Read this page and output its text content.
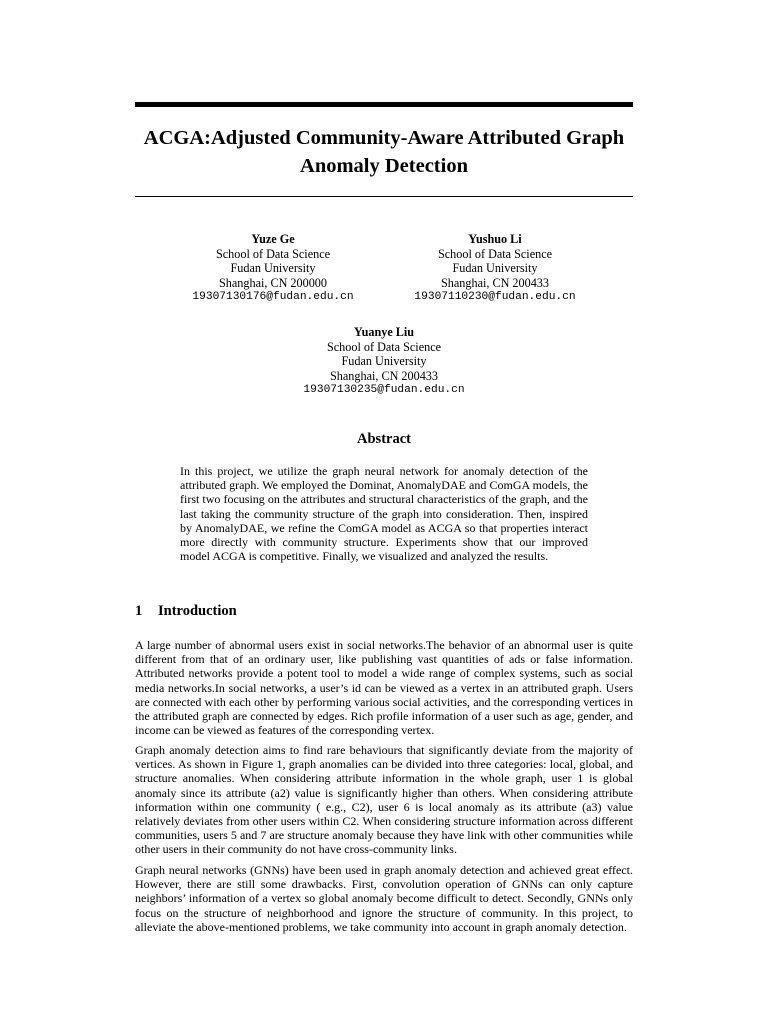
ACGA:Adjusted Community-Aware Attributed Graph Anomaly Detection
Yuze Ge
School of Data Science
Fudan University
Shanghai, CN 200000
19307130176@fudan.edu.cn
Yushuo Li
School of Data Science
Fudan University
Shanghai, CN 200433
19307110230@fudan.edu.cn
Yuanye Liu
School of Data Science
Fudan University
Shanghai, CN 200433
19307130235@fudan.edu.cn
Abstract
In this project, we utilize the graph neural network for anomaly detection of the attributed graph. We employed the Dominat, AnomalyDAE and ComGA models, the first two focusing on the attributes and structural characteristics of the graph, and the last taking the community structure of the graph into consideration. Then, inspired by AnomalyDAE, we refine the ComGA model as ACGA so that properties interact more directly with community structure. Experiments show that our improved model ACGA is competitive. Finally, we visualized and analyzed the results.
1 Introduction

A large number of abnormal users exist in social networks.The behavior of an abnormal user is quite different from that of an ordinary user, like publishing vast quantities of ads or false information. Attributed networks provide a potent tool to model a wide range of complex systems, such as social media networks.In social networks, a user’s id can be viewed as a vertex in an attributed graph. Users are connected with each other by performing various social activities, and the corresponding vertices in the attributed graph are connected by edges. Rich profile information of a user such as age, gender, and income can be viewed as features of the corresponding vertex.

Graph anomaly detection aims to find rare behaviours that significantly deviate from the majority of vertices. As shown in Figure 1, graph anomalies can be divided into three categories: local, global, and structure anomalies. When considering attribute information in the whole graph, user 1 is global anomaly since its attribute (a2) value is significantly higher than others. When considering attribute information within one community ( e.g., C2), user 6 is local anomaly as its attribute (a3) value relatively deviates from other users within C2. When considering structure information across different communities, users 5 and 7 are structure anomaly because they have link with other communities while other users in their community do not have cross-community links.

Graph neural networks (GNNs) have been used in graph anomaly detection and achieved great effect. However, there are still some drawbacks. First, convolution operation of GNNs can only capture neighbors’ information of a vertex so global anomaly become difficult to detect. Secondly, GNNs only focus on the structure of neighborhood and ignore the structure of community. In this project, to alleviate the above-mentioned problems, we take community into account in graph anomaly detection.
